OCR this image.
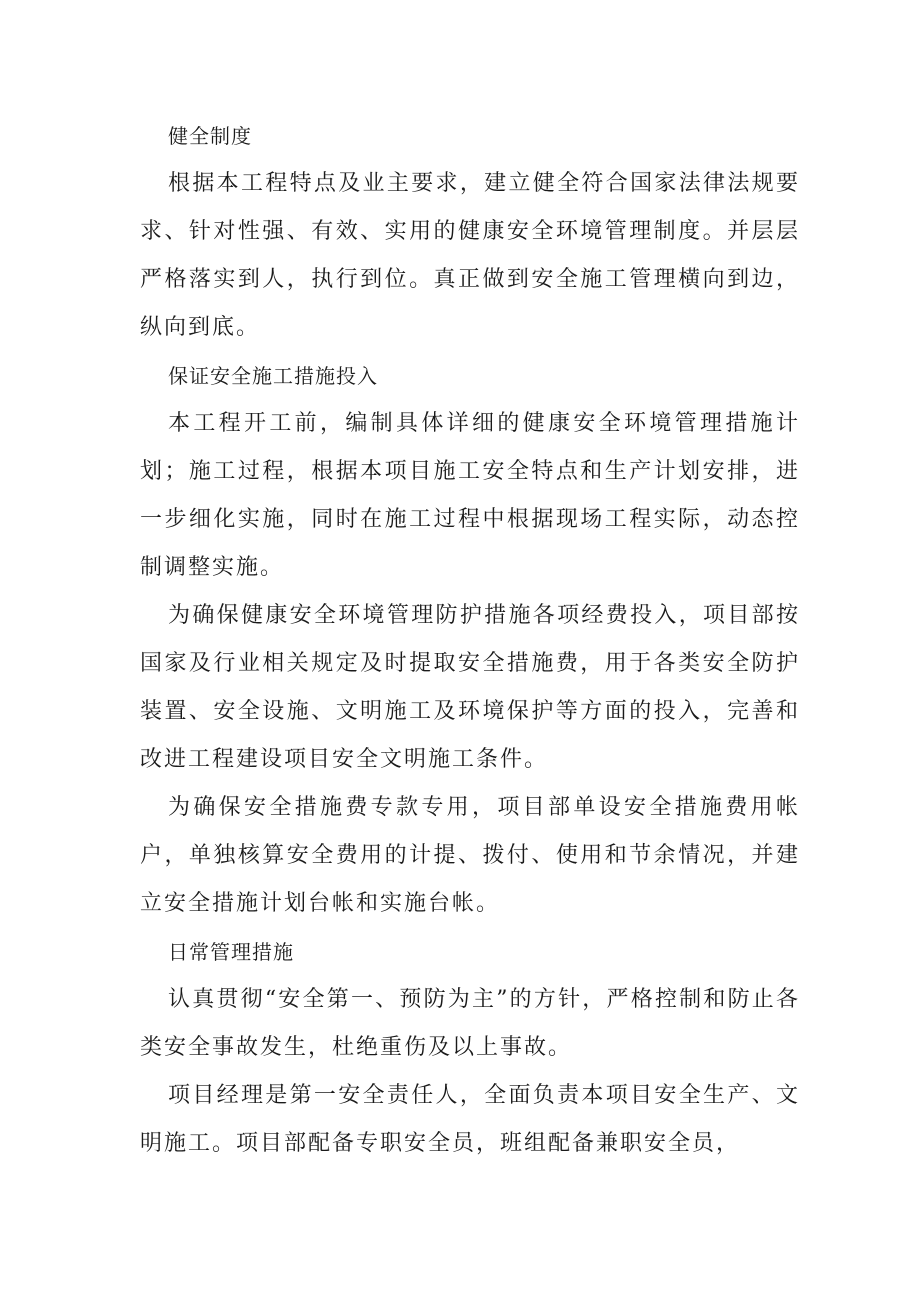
健全制度

根据本工程特点及业主要求，建立健全符合国家法律法规要求、针对性强、有效、实用的健康安全环境管理制度。并层层严格落实到人，执行到位。真正做到安全施工管理横向到边，纵向到底。

保证安全施工措施投入

本工程开工前，编制具体详细的健康安全环境管理措施计划；施工过程，根据本项目施工安全特点和生产计划安排，进一步细化实施，同时在施工过程中根据现场工程实际，动态控制调整实施。

为确保健康安全环境管理防护措施各项经费投入，项目部按国家及行业相关规定及时提取安全措施费，用于各类安全防护装置、安全设施、文明施工及环境保护等方面的投入，完善和改进工程建设项目安全文明施工条件。

为确保安全措施费专款专用，项目部单设安全措施费用帐户，单独核算安全费用的计提、拨付、使用和节余情况，并建立安全措施计划台帐和实施台帐。

日常管理措施

认真贯彻“安全第一、预防为主”的方针，严格控制和防止各类安全事故发生，杜绝重伤及以上事故。

项目经理是第一安全责任人，全面负责本项目安全生产、文明施工。项目部配备专职安全员，班组配备兼职安全员，
